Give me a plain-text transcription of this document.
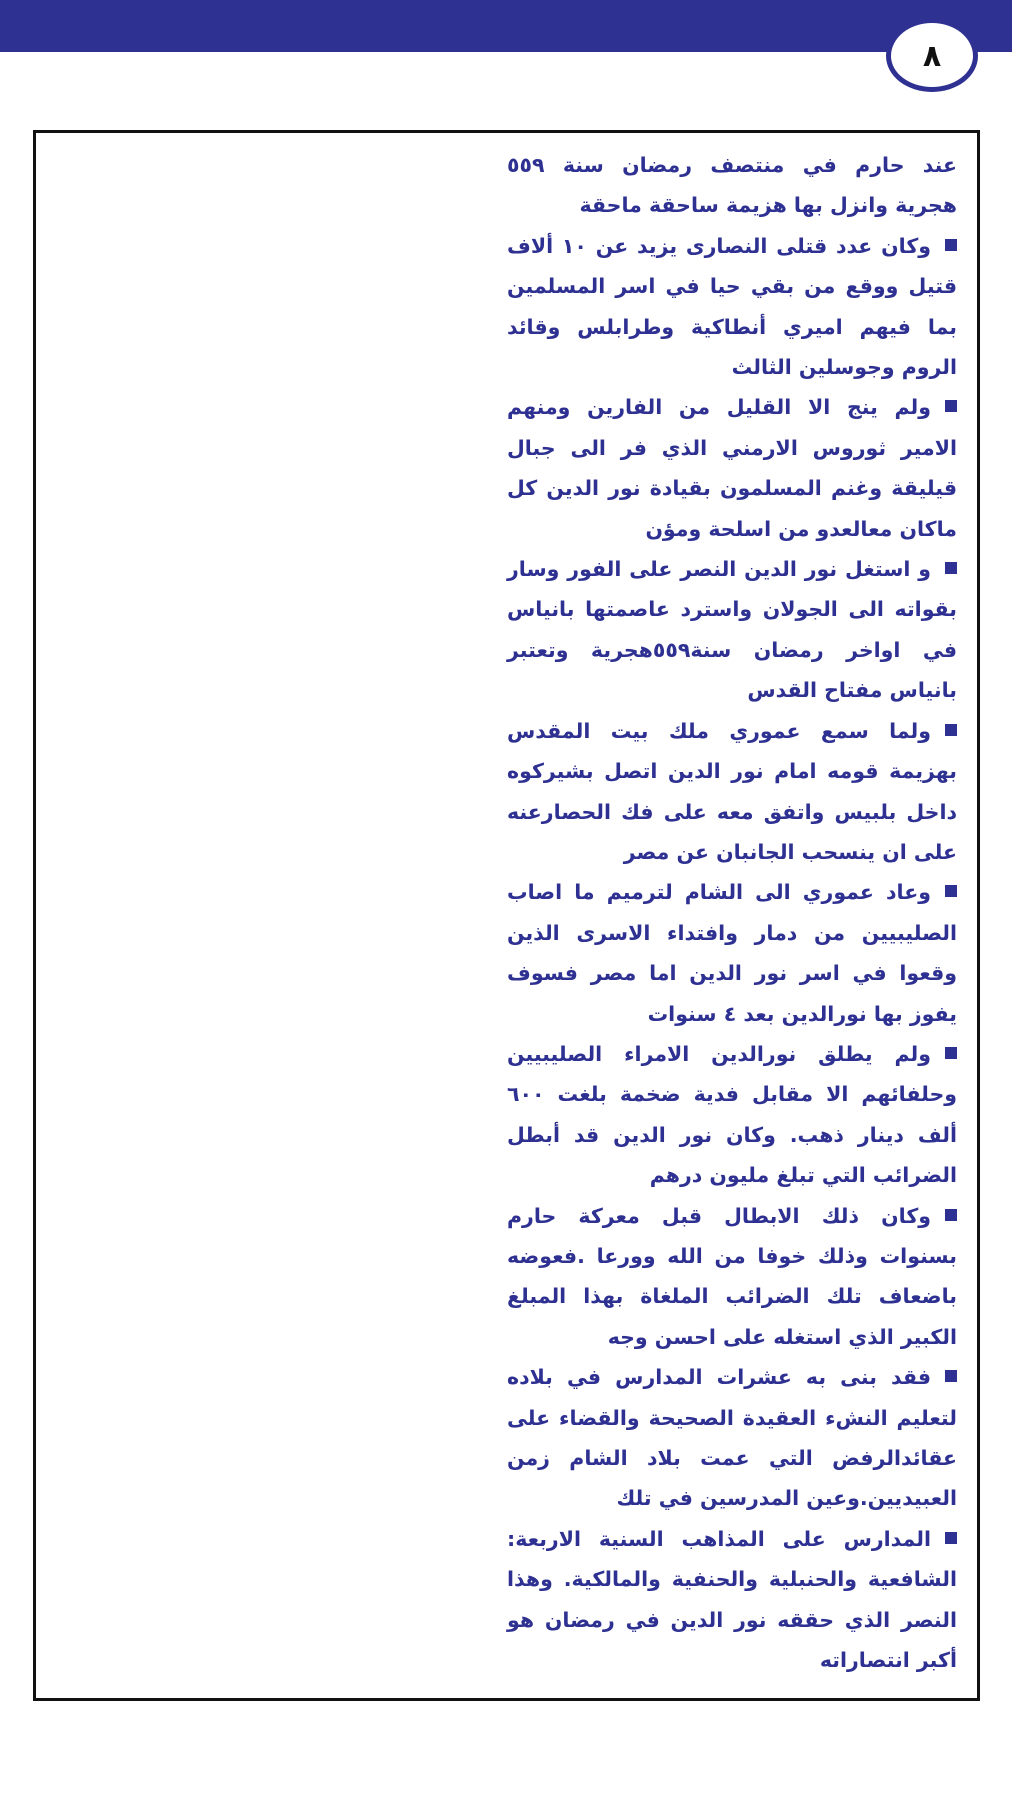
٨

عند حارم في منتصف رمضان سنة ٥٥٩ هجرية وانزل بها هزيمة ساحقة ماحقة

وكان عدد قتلى النصارى يزيد عن ١٠ ألاف قتيل ووقع من بقي حيا في اسر المسلمين بما فيهم اميري أنطاكية وطرابلس وقائد الروم وجوسلين الثالث

ولم ينج الا القليل من الفارين ومنهم الامير ثوروس الارمني الذي فر الى جبال قيليقة وغنم المسلمون بقيادة نور الدين كل ماكان معالعدو من اسلحة ومؤن

و استغل نور الدين النصر على الفور وسار بقواته الى الجولان واسترد عاصمتها بانياس في اواخر رمضان سنة٥٥٩هجرية وتعتبر بانياس مفتاح القدس

ولما سمع عموري ملك بيت المقدس بهزيمة قومه امام نور الدين اتصل بشيركوه داخل بلبيس واتفق معه على فك الحصارعنه على ان ينسحب الجانبان عن مصر

وعاد عموري الى الشام لترميم ما اصاب الصليبيين من دمار وافتداء الاسرى الذين وقعوا في اسر نور الدين اما مصر فسوف يفوز بها نورالدين بعد ٤ سنوات

ولم يطلق نورالدين الامراء الصليبيين وحلفائهم الا مقابل فدية ضخمة بلغت ٦٠٠ ألف دينار ذهب. وكان نور الدين قد أبطل الضرائب التي تبلغ مليون درهم

وكان ذلك الابطال قبل معركة حارم بسنوات وذلك خوفا من الله وورعا .فعوضه باضعاف تلك الضرائب الملغاة بهذا المبلغ الكبير الذي استغله على احسن وجه

فقد بنى به عشرات المدارس في بلاده لتعليم النشء العقيدة الصحيحة والقضاء على عقائدالرفض التي عمت بلاد الشام زمن العبيديين.وعين المدرسين في تلك

المدارس على المذاهب السنية الاربعة: الشافعية والحنبلية والحنفية والمالكية. وهذا النصر الذي حققه نور الدين في رمضان هو أكبر انتصاراته
